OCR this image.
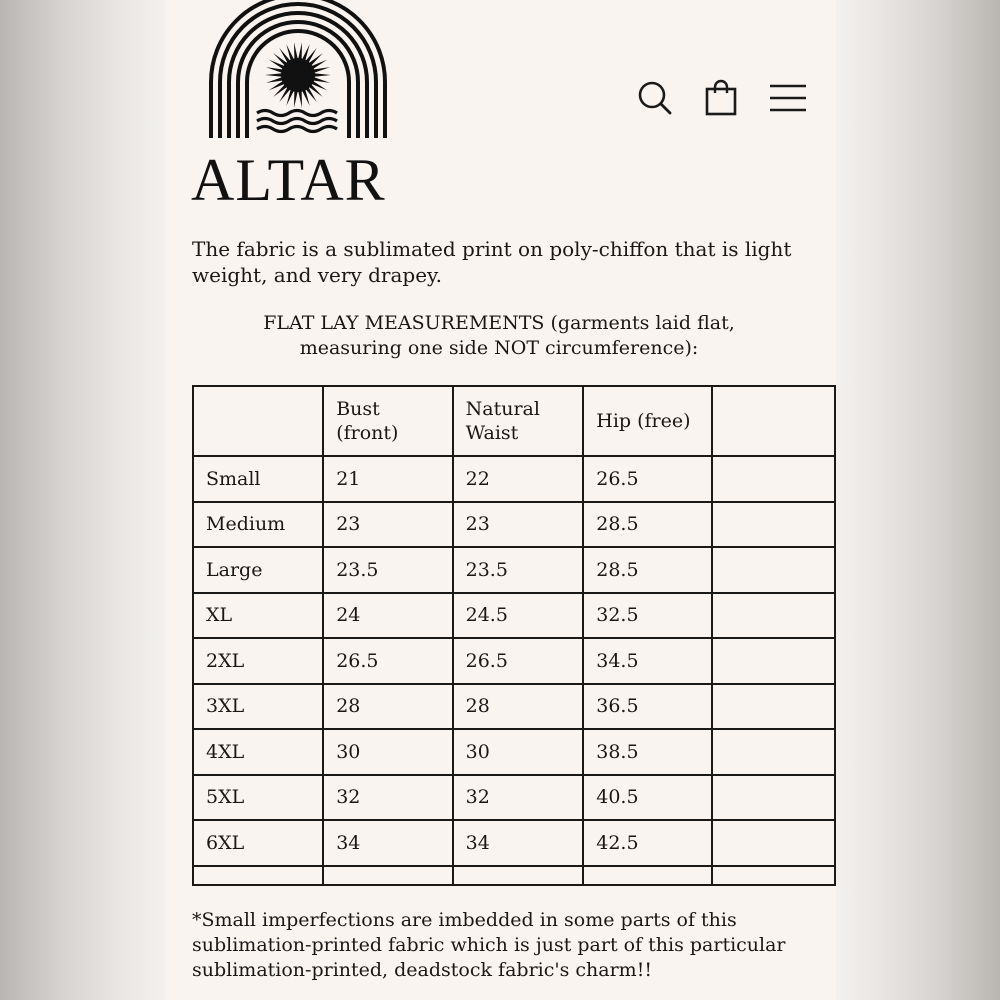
ALTAR

The fabric is a sublimated print on poly-chiffon that is light weight, and very drapey.

FLAT LAY MEASUREMENTS (garments laid flat,
measuring one side NOT circumference):

	Bust (front)	Natural Waist	Hip (free)	
Small	21	22	26.5	
Medium	23	23	28.5	
Large	23.5	23.5	28.5	
XL	24	24.5	32.5	
2XL	26.5	26.5	34.5	
3XL	28	28	36.5	
4XL	30	30	38.5	
5XL	32	32	40.5	
6XL	34	34	42.5	

*Small imperfections are imbedded in some parts of this sublimation-printed fabric which is just part of this particular sublimation-printed, deadstock fabric's charm!!
